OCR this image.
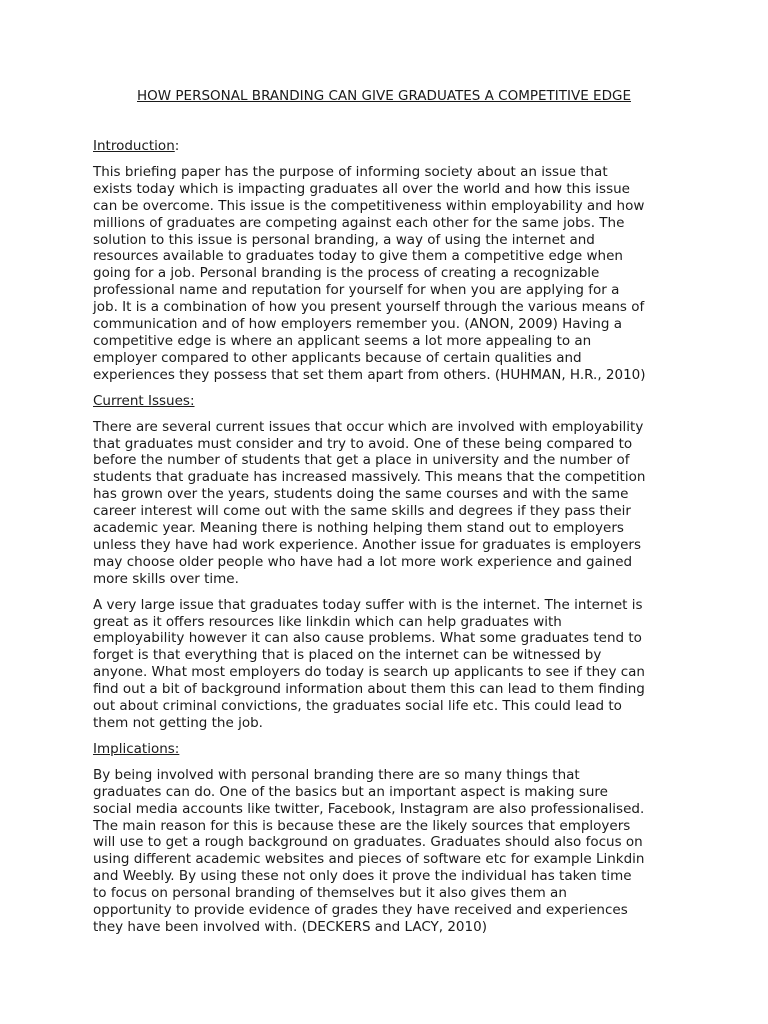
HOW PERSONAL BRANDING CAN GIVE GRADUATES A COMPETITIVE EDGE
Introduction:
This briefing paper has the purpose of informing society about an issue that
exists today which is impacting graduates all over the world and how this issue
can be overcome. This issue is the competitiveness within employability and how
millions of graduates are competing against each other for the same jobs. The
solution to this issue is personal branding, a way of using the internet and
resources available to graduates today to give them a competitive edge when
going for a job. Personal branding is the process of creating a recognizable
professional name and reputation for yourself for when you are applying for a
job. It is a combination of how you present yourself through the various means of
communication and of how employers remember you. (ANON, 2009) Having a
competitive edge is where an applicant seems a lot more appealing to an
employer compared to other applicants because of certain qualities and
experiences they possess that set them apart from others. (HUHMAN, H.R., 2010)
Current Issues:
There are several current issues that occur which are involved with employability
that graduates must consider and try to avoid. One of these being compared to
before the number of students that get a place in university and the number of
students that graduate has increased massively. This means that the competition
has grown over the years, students doing the same courses and with the same
career interest will come out with the same skills and degrees if they pass their
academic year. Meaning there is nothing helping them stand out to employers
unless they have had work experience. Another issue for graduates is employers
may choose older people who have had a lot more work experience and gained
more skills over time.
A very large issue that graduates today suffer with is the internet. The internet is
great as it offers resources like linkdin which can help graduates with
employability however it can also cause problems. What some graduates tend to
forget is that everything that is placed on the internet can be witnessed by
anyone. What most employers do today is search up applicants to see if they can
find out a bit of background information about them this can lead to them finding
out about criminal convictions, the graduates social life etc. This could lead to
them not getting the job.
Implications:
By being involved with personal branding there are so many things that
graduates can do. One of the basics but an important aspect is making sure
social media accounts like twitter, Facebook, Instagram are also professionalised.
The main reason for this is because these are the likely sources that employers
will use to get a rough background on graduates. Graduates should also focus on
using different academic websites and pieces of software etc for example Linkdin
and Weebly. By using these not only does it prove the individual has taken time
to focus on personal branding of themselves but it also gives them an
opportunity to provide evidence of grades they have received and experiences
they have been involved with. (DECKERS and LACY, 2010)
